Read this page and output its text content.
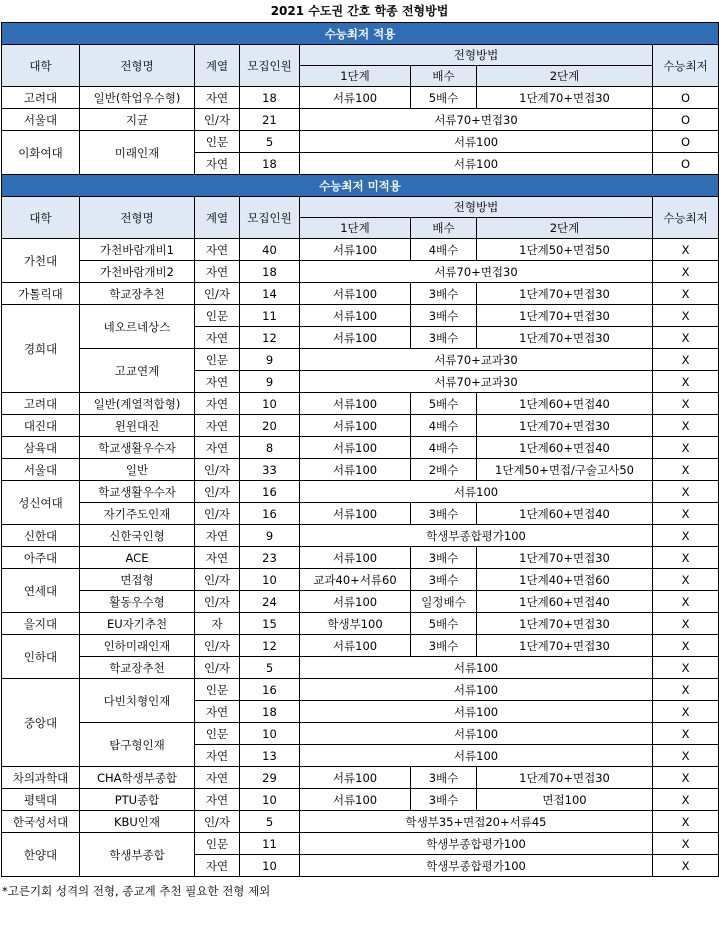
2021 수도권 간호 학종 전형방법
수능최저 적용							
대학	전형명	계열	모집인원	전형방법			수능최저
				1단계	배수	2단계	
고려대	일반(학업우수형)	자연	18	서류100	5배수	1단계70+면접30	O
서울대	지균	인/자	21	서류70+면접30			O
이화여대	미래인재	인문	5	서류100			O
		자연	18	서류100			O
수능최저 미적용							
대학	전형명	계열	모집인원	전형방법			수능최저
				1단계	배수	2단계	
가천대	가천바람개비1	자연	40	서류100	4배수	1단계50+면접50	X
	가천바람개비2	자연	18	서류70+면접30			X
가톨릭대	학교장추천	인/자	14	서류100	3배수	1단계70+면접30	X
경희대	네오르네상스	인문	11	서류100	3배수	1단계70+면접30	X
		자연	12	서류100	3배수	1단계70+면접30	X
	고교연계	인문	9	서류70+교과30			X
		자연	9	서류70+교과30			X
고려대	일반(계열적합형)	자연	10	서류100	5배수	1단계60+면접40	X
대진대	윈윈대진	자연	20	서류100	4배수	1단계70+면접30	X
삼육대	학교생활우수자	자연	8	서류100	4배수	1단계60+면접40	X
서울대	일반	인/자	33	서류100	2배수	1단계50+면접/구술고사50	X
성신여대	학교생활우수자	인/자	16	서류100			X
	자기주도인재	인/자	16	서류100	3배수	1단계60+면접40	X
신한대	신한국인형	자연	9	학생부종합평가100			X
아주대	ACE	자연	23	서류100	3배수	1단계70+면접30	X
연세대	면접형	인/자	10	교과40+서류60	3배수	1단계40+면접60	X
	활동우수형	인/자	24	서류100	일정배수	1단계60+면접40	X
을지대	EU자기추천	자	15	학생부100	5배수	1단계70+면접30	X
인하대	인하미래인재	인/자	12	서류100	3배수	1단계70+면접30	X
	학교장추천	인/자	5	서류100			X
중앙대	다빈치형인재	인문	16	서류100			X
		자연	18	서류100			X
	탐구형인재	인문	10	서류100			X
		자연	13	서류100			X
차의과학대	CHA학생부종합	자연	29	서류100	3배수	1단계70+면접30	X
평택대	PTU종합	자연	10	서류100	3배수	면접100	X
한국성서대	KBU인재	인/자	5	학생부35+면접20+서류45			X
한양대	학생부종합	인문	11	학생부종합평가100			X
		자연	10	학생부종합평가100			X
*고른기회 성격의 전형, 종교계 추천 필요한 전형 제외
